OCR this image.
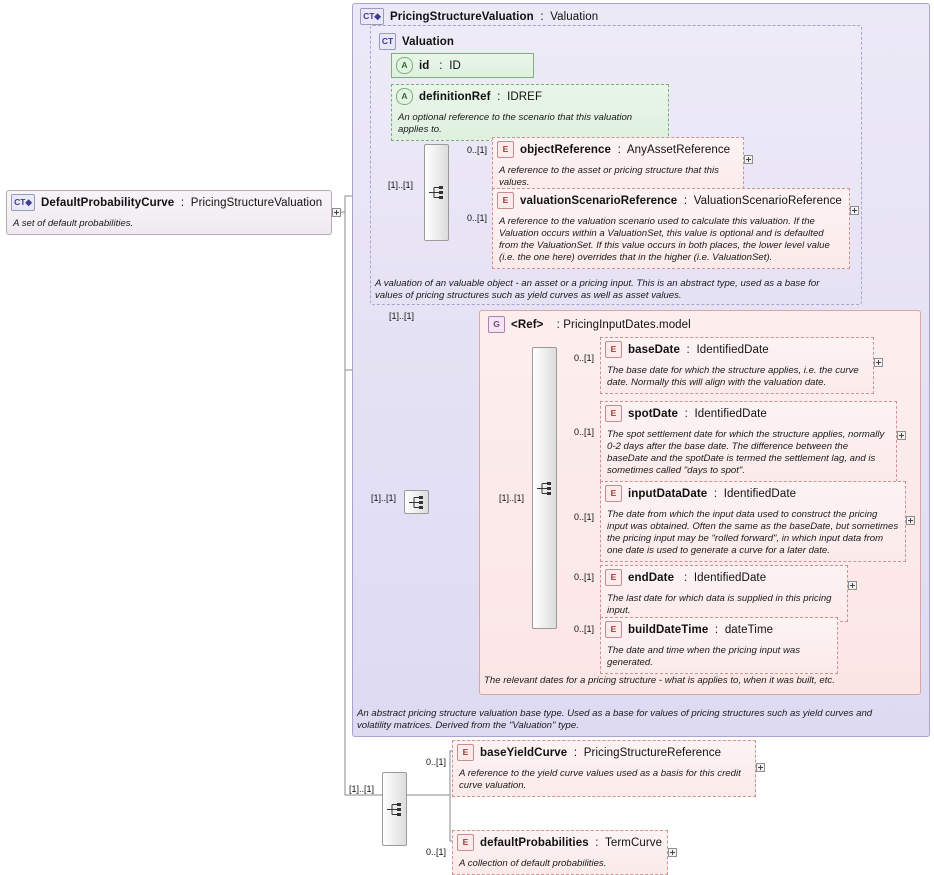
CT◆ DefaultProbabilityCurve  :  PricingStructureValuation
A set of default probabilities.
CT◆ PricingStructureValuation  :  Valuation
An abstract pricing structure valuation base type. Used as a base for values of pricing structures such as yield curves and volatility matrices. Derived from the "Valuation" type.
CT Valuation
A valuation of an valuable object - an asset or a pricing input. This is an abstract type, used as a base for values of pricing structures such as yield curves as well as asset values.
A id   :  ID
A definitionRef  :  IDREF
An optional reference to the scenario that this valuation applies to.
[1]..[1]
E	objectReference  :  AnyAssetReference
A reference to the asset or pricing structure that this values.
0..[1]
E	valuationScenarioReference  :  ValuationScenarioReference
A reference to the valuation scenario used to calculate this valuation. If the Valuation occurs within a ValuationSet, this value is optional and is defaulted from the ValuationSet. If this value occurs in both places, the lower level value (i.e. the one here) overrides that in the higher (i.e. ValuationSet).
0..[1]
G <Ref> : PricingInputDates.model
The relevant dates for a pricing structure - what is applies to, when it was built, etc.
[1]..[1]
[1]..[1]	[1]..[1]
E	baseDate  :  IdentifiedDate
The base date for which the structure applies, i.e. the curve date. Normally this will align with the valuation date.
0..[1]
E	spotDate  :  IdentifiedDate
The spot settlement date for which the structure applies, normally 0-2 days after the base date. The difference between the baseDate and the spotDate is termed the settlement lag, and is sometimes called "days to spot".
0..[1]
E	inputDataDate  :  IdentifiedDate
The date from which the input data used to construct the pricing input was obtained. Often the same as the baseDate, but sometimes the pricing input may be "rolled forward", in which input data from one date is used to generate a curve for a later date.
0..[1]
E	endDate   :  IdentifiedDate
The last date for which data is supplied in this pricing input.
0..[1]
E	buildDateTime  :  dateTime
The date and time when the pricing input was generated.
0..[1]
[1]..[1]
E	baseYieldCurve  :  PricingStructureReference
A reference to the yield curve values used as a basis for this credit curve valuation.
0..[1]
E	defaultProbabilities  :  TermCurve
A collection of default probabilities.
0..[1]
